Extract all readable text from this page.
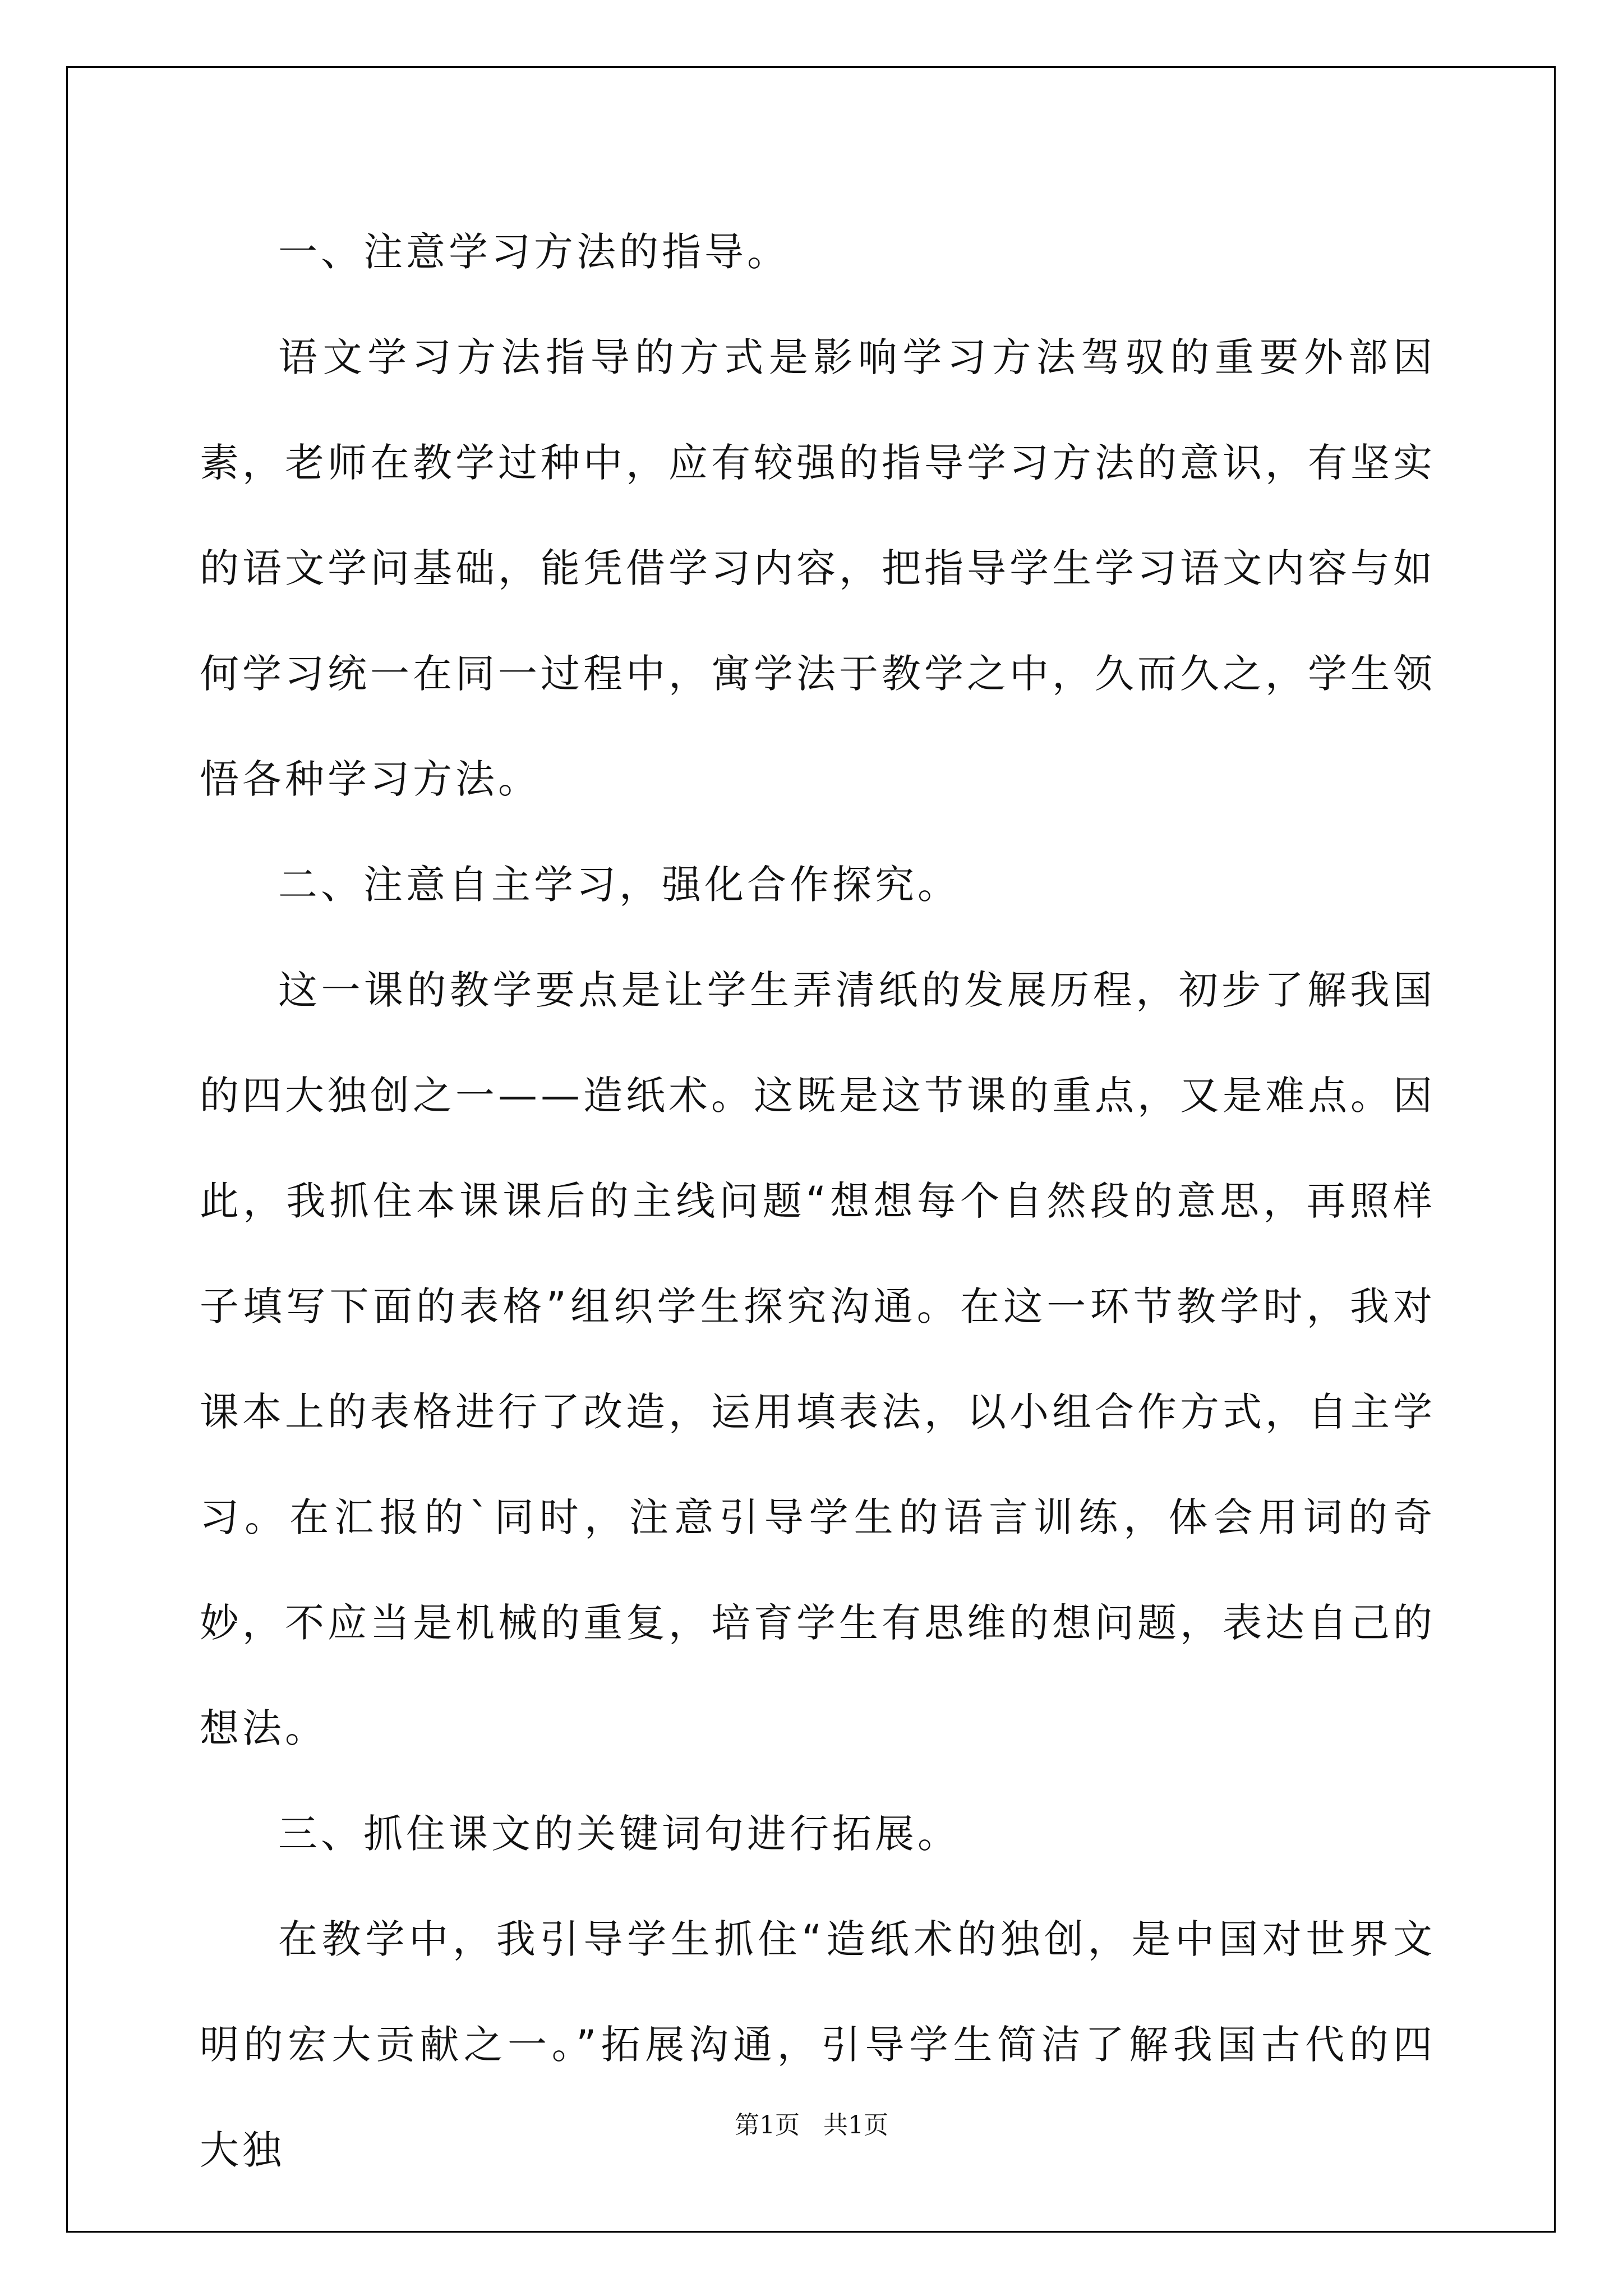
一、注意学习方法的指导。

语文学习方法指导的方式是影响学习方法驾驭的重要外部因素，老师在教学过种中，应有较强的指导学习方法的意识，有坚实的语文学问基础，能凭借学习内容，把指导学生学习语文内容与如何学习统一在同一过程中，寓学法于教学之中，久而久之，学生领悟各种学习方法。

二、注意自主学习，强化合作探究。

这一课的教学要点是让学生弄清纸的发展历程，初步了解我国的四大独创之一——造纸术。这既是这节课的重点，又是难点。因此，我抓住本课课后的主线问题“想想每个自然段的意思，再照样子填写下面的表格”组织学生探究沟通。在这一环节教学时，我对课本上的表格进行了改造，运用填表法，以小组合作方式，自主学习。在汇报的`同时，注意引导学生的语言训练，体会用词的奇妙，不应当是机械的重复，培育学生有思维的想问题，表达自己的想法。

三、抓住课文的关键词句进行拓展。

在教学中，我引导学生抓住“造纸术的独创，是中国对世界文明的宏大贡献之一。”拓展沟通，引导学生简洁了解我国古代的四大独

第1页   共1页
